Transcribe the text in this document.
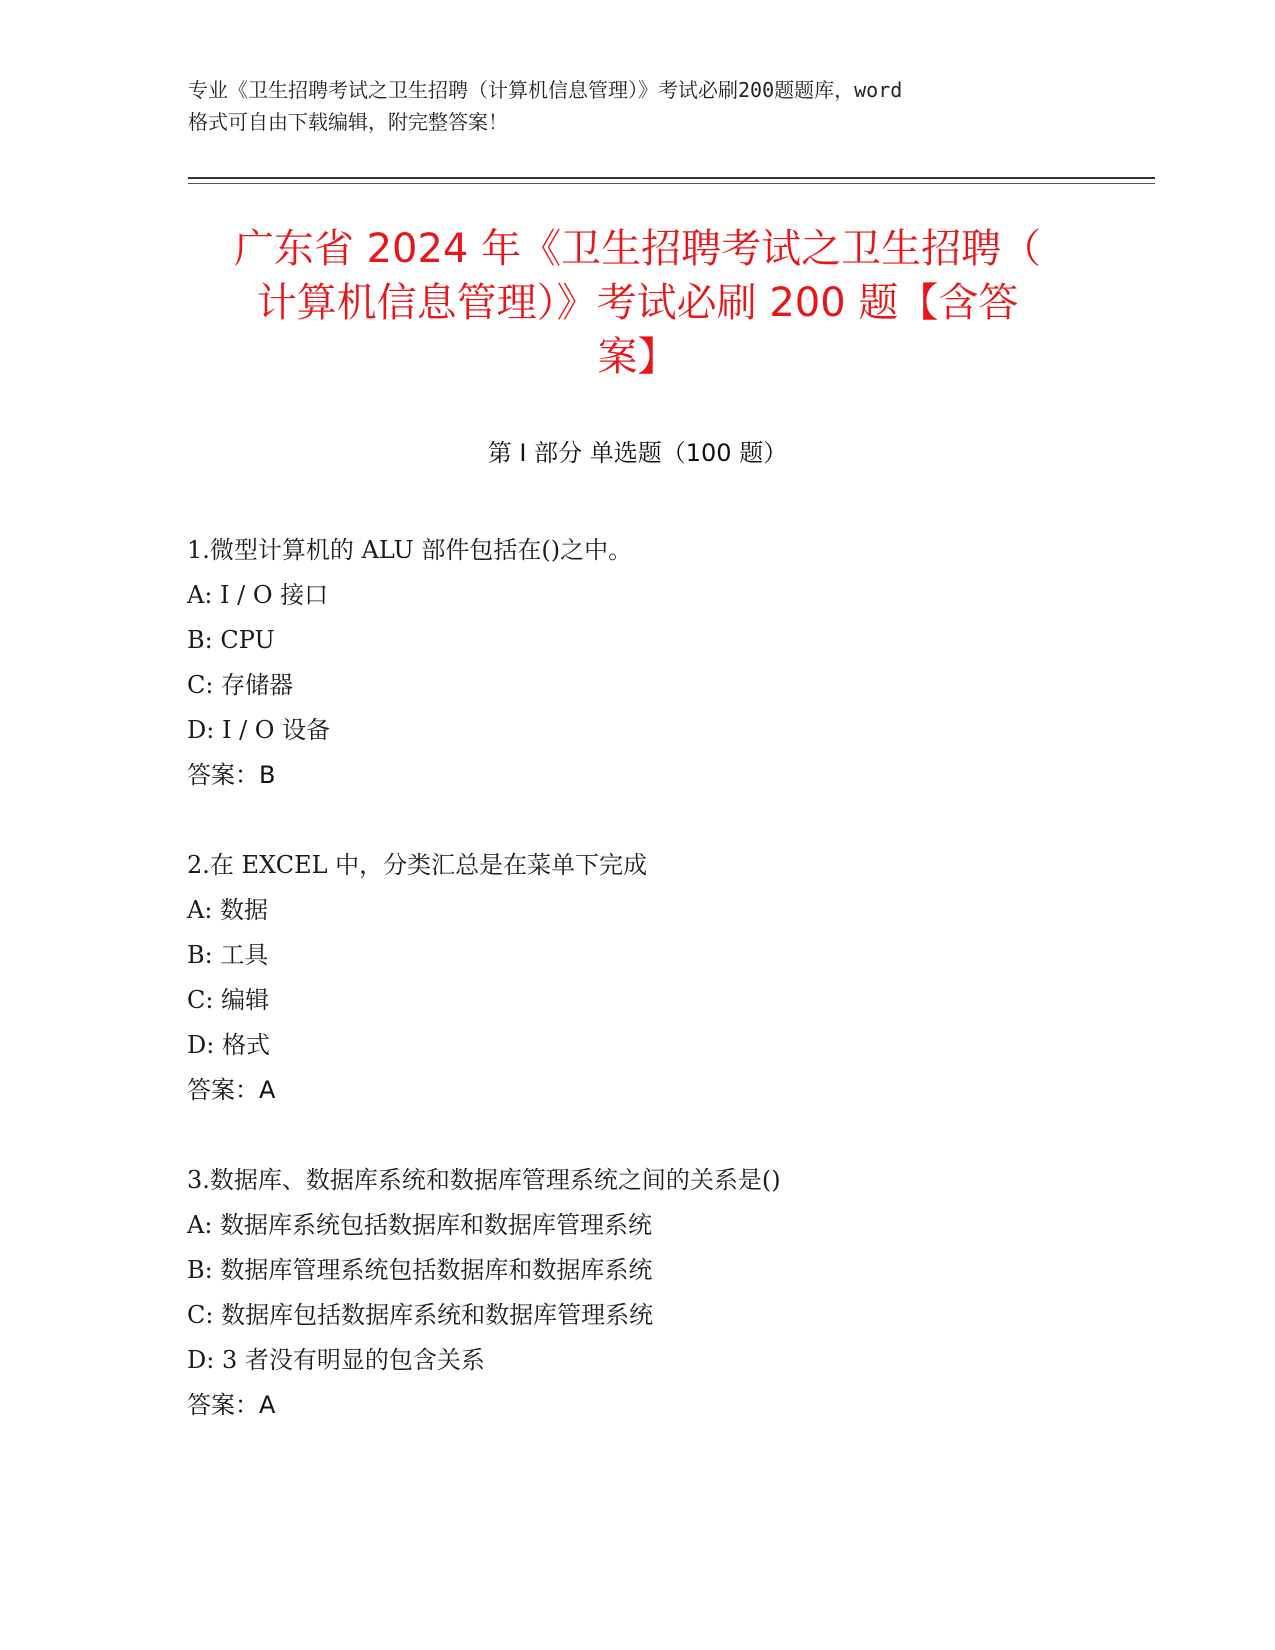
专业《卫生招聘考试之卫生招聘（计算机信息管理）》考试必刷200题题库，word
格式可自由下载编辑，附完整答案！
广东省 2024 年《卫生招聘考试之卫生招聘（
计算机信息管理）》考试必刷 200 题【含答
案】
第 I 部分 单选题（100 题）
1.微型计算机的 ALU 部件包括在()之中。
A: I / O 接口
B: CPU
C: 存储器
D: I / O 设备
答案：B
2.在 EXCEL 中，分类汇总是在菜单下完成
A: 数据
B: 工具
C: 编辑
D: 格式
答案：A
3.数据库、数据库系统和数据库管理系统之间的关系是()
A: 数据库系统包括数据库和数据库管理系统
B: 数据库管理系统包括数据库和数据库系统
C: 数据库包括数据库系统和数据库管理系统
D: 3 者没有明显的包含关系
答案：A
